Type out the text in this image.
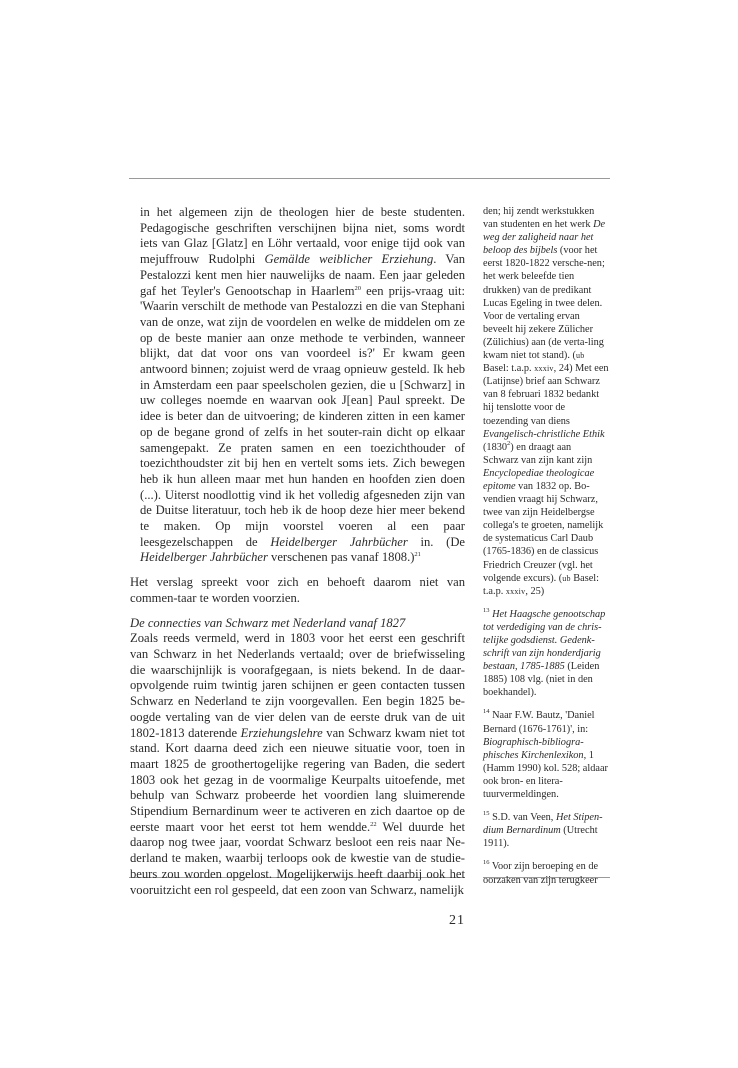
in het algemeen zijn de theologen hier de beste studenten. Pedagogische geschriften verschijnen bijna niet, soms wordt iets van Glaz [Glatz] en Löhr vertaald, voor enige tijd ook van mejuffrouw Rudolphi Gemälde weiblicher Erziehung. Van Pestalozzi kent men hier nauwelijks de naam. Een jaar geleden gaf het Teyler's Genootschap in Haarlem$^{20}$ een prijs-vraag uit: 'Waarin verschilt de methode van Pestalozzi en die van Stephani van de onze, wat zijn de voordelen en welke de middelen om ze op de beste manier aan onze methode te verbinden, wanneer blijkt, dat dat voor ons van voordeel is?' Er kwam geen antwoord binnen; zojuist werd de vraag opnieuw gesteld. Ik heb in Amsterdam een paar speelscholen gezien, die u [Schwarz] in uw colleges noemde en waarvan ook J[ean] Paul spreekt. De idee is beter dan de uitvoering; de kinderen zitten in een kamer op de begane grond of zelfs in het souter-rain dicht op elkaar samengepakt. Ze praten samen en een toezichthouder of toezichthoudster zit bij hen en vertelt soms iets. Zich bewegen heb ik hun alleen maar met hun handen en hoofden zien doen (...). Uiterst noodlottig vind ik het volledig afgesneden zijn van de Duitse literatuur, toch heb ik de hoop deze hier meer bekend te maken. Op mijn voorstel voeren al een paar leesgezelschappen de Heidelberger Jahrbücher in. (De Heidelberger Jahrbücher verschenen pas vanaf 1808.)$^{21}$

Het verslag spreekt voor zich en behoeft daarom niet van commen-taar te worden voorzien.

De connecties van Schwarz met Nederland vanaf 1827

Zoals reeds vermeld, werd in 1803 voor het eerst een geschrift van Schwarz in het Nederlands vertaald; over de briefwisseling die waarschijnlijk is voorafgegaan, is niets bekend. In de daar-opvolgende ruim twintig jaren schijnen er geen contacten tussen Schwarz en Nederland te zijn voorgevallen. Een begin 1825 be-oogde vertaling van de vier delen van de eerste druk van de uit 1802-1813 daterende Erziehungslehre van Schwarz kwam niet tot stand. Kort daarna deed zich een nieuwe situatie voor, toen in maart 1825 de groothertogelijke regering van Baden, die sedert 1803 ook het gezag in de voormalige Keurpalts uitoefende, met behulp van Schwarz probeerde het voordien lang sluimerende Stipendium Bernardinum weer te activeren en zich daartoe op de eerste maart voor het eerst tot hem wendde.$^{22}$ Wel duurde het daarop nog twee jaar, voordat Schwarz besloot een reis naar Ne-derland te maken, waarbij terloops ook de kwestie van de studie-beurs zou worden opgelost. Mogelijkerwijs heeft daarbij ook het vooruitzicht een rol gespeeld, dat een zoon van Schwarz, namelijk

den; hij zendt werkstukken van studenten en het werk De weg der zaligheid naar het beloop des bijbels (voor het eerst 1820-1822 versche-nen; het werk beleefde tien drukken) van de predikant Lucas Egeling in twee delen. Voor de vertaling ervan beveelt hij zekere Zülicher (Zülichius) aan (de verta-ling kwam niet tot stand). (ub Basel: t.a.p. xxxiv, 24) Met een (Latijnse) brief aan Schwarz van 8 februari 1832 bedankt hij tenslotte voor de toezending van diens Evangelisch-christliche Ethik (1830$^2$) en draagt aan Schwarz van zijn kant zijn Encyclopediae theologicae epitome van 1832 op. Bo-vendien vraagt hij Schwarz, twee van zijn Heidelbergse collega's te groeten, namelijk de systematicus Carl Daub (1765-1836) en de classicus Friedrich Creuzer (vgl. het volgende excurs). (ub Basel: t.a.p. xxxiv, 25)

$^{13}$ Het Haagsche genootschap tot verdediging van de chris-telijke godsdienst. Gedenk-schrift van zijn honderdjarig bestaan, 1785-1885 (Leiden 1885) 108 vlg. (niet in den boekhandel).

$^{14}$ Naar F.W. Bautz, 'Daniel Bernard (1676-1761)', in: Biographisch-bibliogra-phisches Kirchenlexikon, 1 (Hamm 1990) kol. 528; aldaar ook bron- en litera-tuurvermeldingen.

$^{15}$ S.D. van Veen, Het Stipen-dium Bernardinum (Utrecht 1911).

$^{16}$ Voor zijn beroeping en de oorzaken van zijn terugkeer

21
